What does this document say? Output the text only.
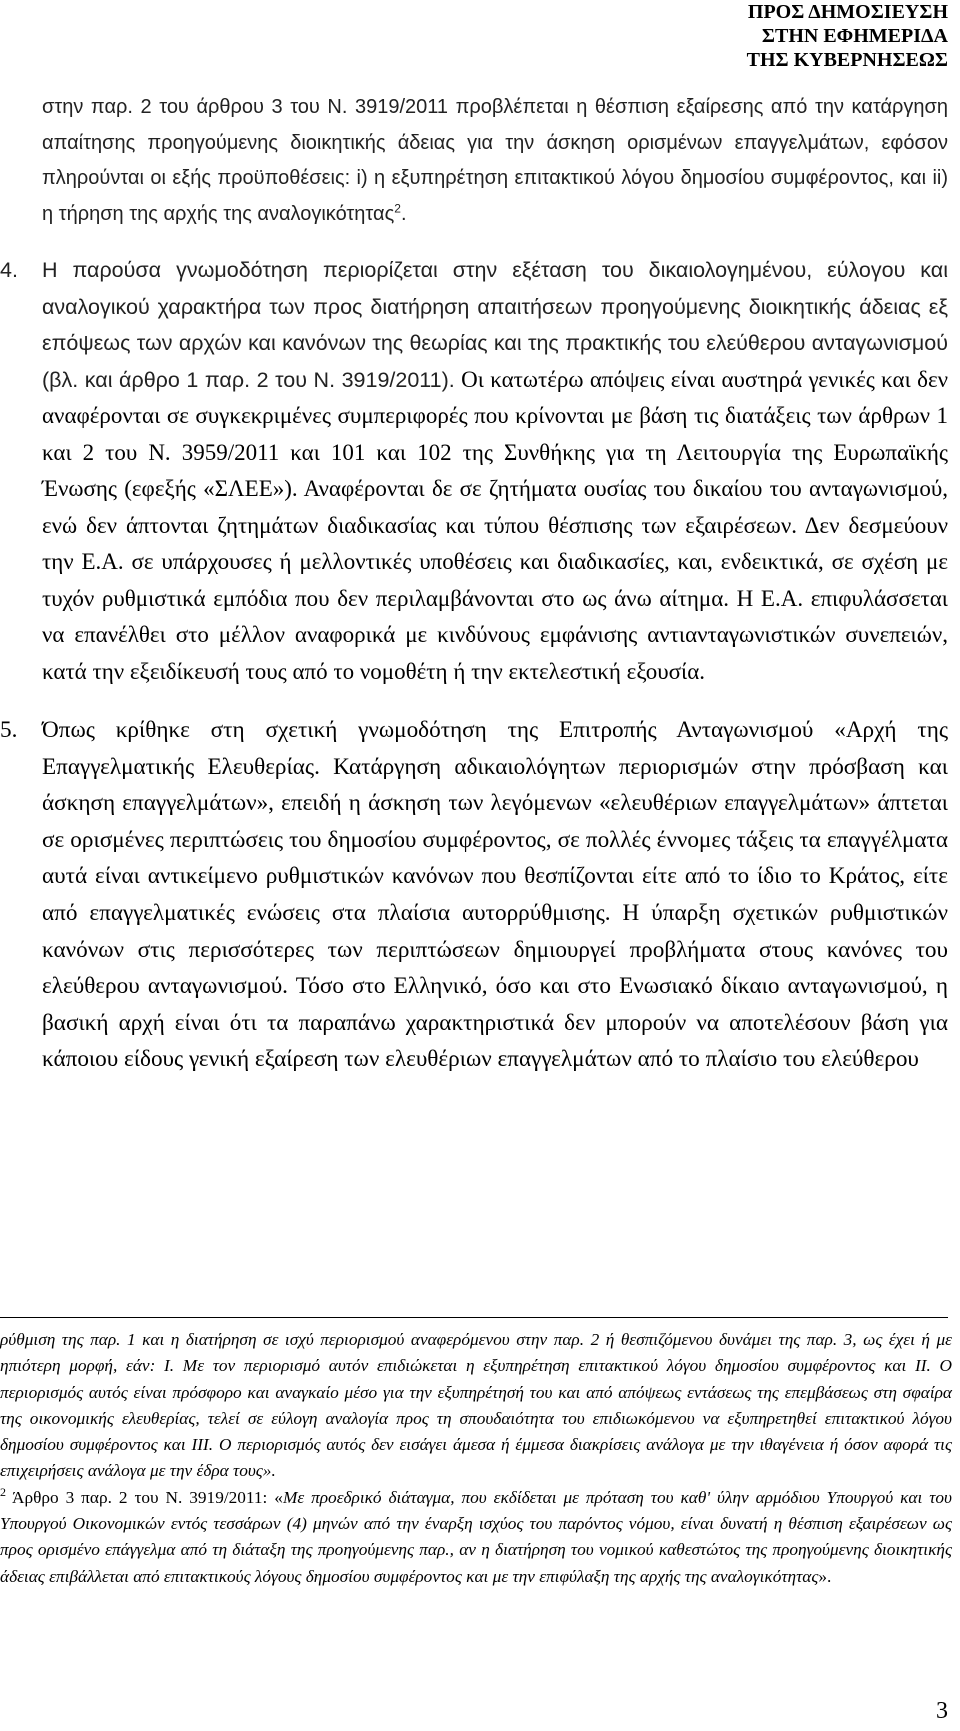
ΠΡΟΣ ΔΗΜΟΣΙΕΥΣΗ
ΣΤΗΝ ΕΦΗΜΕΡΙΔΑ
ΤΗΣ ΚΥΒΕΡΝΗΣΕΩΣ

στην παρ. 2 του άρθρου 3 του Ν. 3919/2011 προβλέπεται η θέσπιση εξαίρεσης από την κατάργηση απαίτησης προηγούμενης διοικητικής άδειας για την άσκηση ορισμένων επαγγελμάτων, εφόσον πληρούνται οι εξής προϋποθέσεις: i) η εξυπηρέτηση επιτακτικού λόγου δημοσίου συμφέροντος, και ii) η τήρηση της αρχής της αναλογικότητας$^2$.

4.	Η παρούσα γνωμοδότηση περιορίζεται στην εξέταση του δικαιολογημένου, εύλογου και αναλογικού χαρακτήρα των προς διατήρηση απαιτήσεων προηγούμενης διοικητικής άδειας εξ επόψεως των αρχών και κανόνων της θεωρίας και της πρακτικής του ελεύθερου ανταγωνισμού (βλ. και άρθρο 1 παρ. 2 του Ν. 3919/2011). Οι κατωτέρω απόψεις είναι αυστηρά γενικές και δεν αναφέρονται σε συγκεκριμένες συμπεριφορές που κρίνονται με βάση τις διατάξεις των άρθρων 1 και 2 του Ν. 3959/2011 και 101 και 102 της Συνθήκης για τη Λειτουργία της Ευρωπαϊκής Ένωσης (εφεξής «ΣΛΕΕ»). Αναφέρονται δε σε ζητήματα ουσίας του δικαίου του ανταγωνισμού, ενώ δεν άπτονται ζητημάτων διαδικασίας και τύπου θέσπισης των εξαιρέσεων. Δεν δεσμεύουν την Ε.Α. σε υπάρχουσες ή μελλοντικές υποθέσεις και διαδικασίες, και, ενδεικτικά, σε σχέση με τυχόν ρυθμιστικά εμπόδια που δεν περιλαμβάνονται στο ως άνω αίτημα. Η Ε.Α. επιφυλάσσεται να επανέλθει στο μέλλον αναφορικά με κινδύνους εμφάνισης αντιανταγωνιστικών συνεπειών, κατά την εξειδίκευσή τους από το νομοθέτη ή την εκτελεστική εξουσία.

5.	Όπως κρίθηκε στη σχετική γνωμοδότηση της Επιτροπής Ανταγωνισμού «Αρχή της Επαγγελματικής Ελευθερίας. Κατάργηση αδικαιολόγητων περιορισμών στην πρόσβαση και άσκηση επαγγελμάτων», επειδή η άσκηση των λεγόμενων «ελευθέριων επαγγελμάτων» άπτεται σε ορισμένες περιπτώσεις του δημοσίου συμφέροντος, σε πολλές έννομες τάξεις τα επαγγέλματα αυτά είναι αντικείμενο ρυθμιστικών κανόνων που θεσπίζονται είτε από το ίδιο το Κράτος, είτε από επαγγελματικές ενώσεις στα πλαίσια αυτορρύθμισης. Η ύπαρξη σχετικών ρυθμιστικών κανόνων στις περισσότερες των περιπτώσεων δημιουργεί προβλήματα στους κανόνες του ελεύθερου ανταγωνισμού. Τόσο στο Ελληνικό, όσο και στο Ενωσιακό δίκαιο ανταγωνισμού, η βασική αρχή είναι ότι τα παραπάνω χαρακτηριστικά δεν μπορούν να αποτελέσουν βάση για κάποιου είδους γενική εξαίρεση των ελευθέριων επαγγελμάτων από το πλαίσιο του ελεύθερου

ρύθμιση της παρ. 1 και η διατήρηση σε ισχύ περιορισμού αναφερόμενου στην παρ. 2 ή θεσπιζόμενου δυνάμει της παρ. 3, ως έχει ή με ηπιότερη μορφή, εάν: Ι. Με τον περιορισμό αυτόν επιδιώκεται η εξυπηρέτηση επιτακτικού λόγου δημοσίου συμφέροντος και ΙΙ. Ο περιορισμός αυτός είναι πρόσφορο και αναγκαίο μέσο για την εξυπηρέτησή του και από απόψεως εντάσεως της επεμβάσεως στη σφαίρα της οικονομικής ελευθερίας, τελεί σε εύλογη αναλογία προς τη σπουδαιότητα του επιδιωκόμενου να εξυπηρετηθεί επιτακτικού λόγου δημοσίου συμφέροντος και ΙΙΙ. Ο περιορισμός αυτός δεν εισάγει άμεσα ή έμμεσα διακρίσεις ανάλογα με την ιθαγένεια ή όσον αφορά τις επιχειρήσεις ανάλογα με την έδρα τους».

$^2$ Άρθρο 3 παρ. 2 του Ν. 3919/2011: «Με προεδρικό διάταγμα, που εκδίδεται με πρόταση του καθ' ύλην αρμόδιου Υπουργού και του Υπουργού Οικονομικών εντός τεσσάρων (4) μηνών από την έναρξη ισχύος του παρόντος νόμου, είναι δυνατή η θέσπιση εξαιρέσεων ως προς ορισμένο επάγγελμα από τη διάταξη της προηγούμενης παρ., αν η διατήρηση του νομικού καθεστώτος της προηγούμενης διοικητικής άδειας επιβάλλεται από επιτακτικούς λόγους δημοσίου συμφέροντος και με την επιφύλαξη της αρχής της αναλογικότητας».

3
